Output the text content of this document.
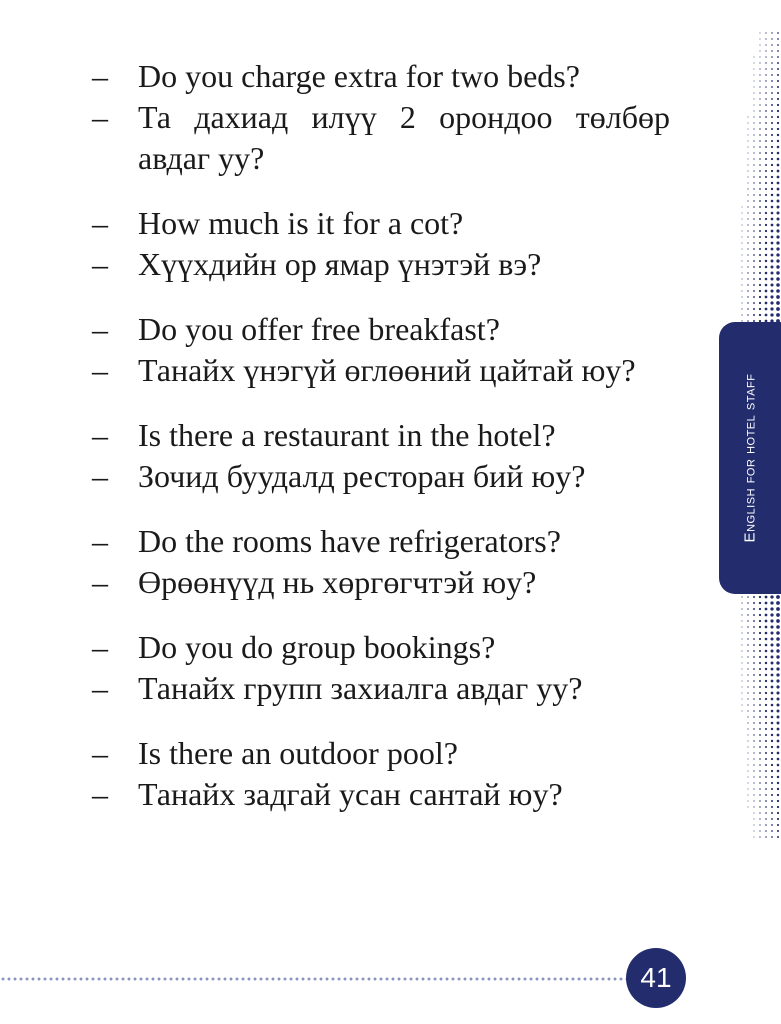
English for hotel staff
– Do you charge extra for two beds?
– Та дахиад илүү 2 орондоо төлбөр авдаг уу?
– How much is it for a cot?
– Хүүхдийн ор ямар үнэтэй вэ?
– Do you offer free breakfast?
– Танайх үнэгүй өглөөний цайтай юу?
– Is there a restaurant in the hotel?
– Зочид буудалд ресторан бий юу?
– Do the rooms have refrigerators?
– Өрөөнүүд нь хөргөгчтэй юу?
– Do you do group bookings?
– Танайх групп захиалга авдаг уу?
– Is there an outdoor pool?
– Танайх задгай усан сантай юу?
41
